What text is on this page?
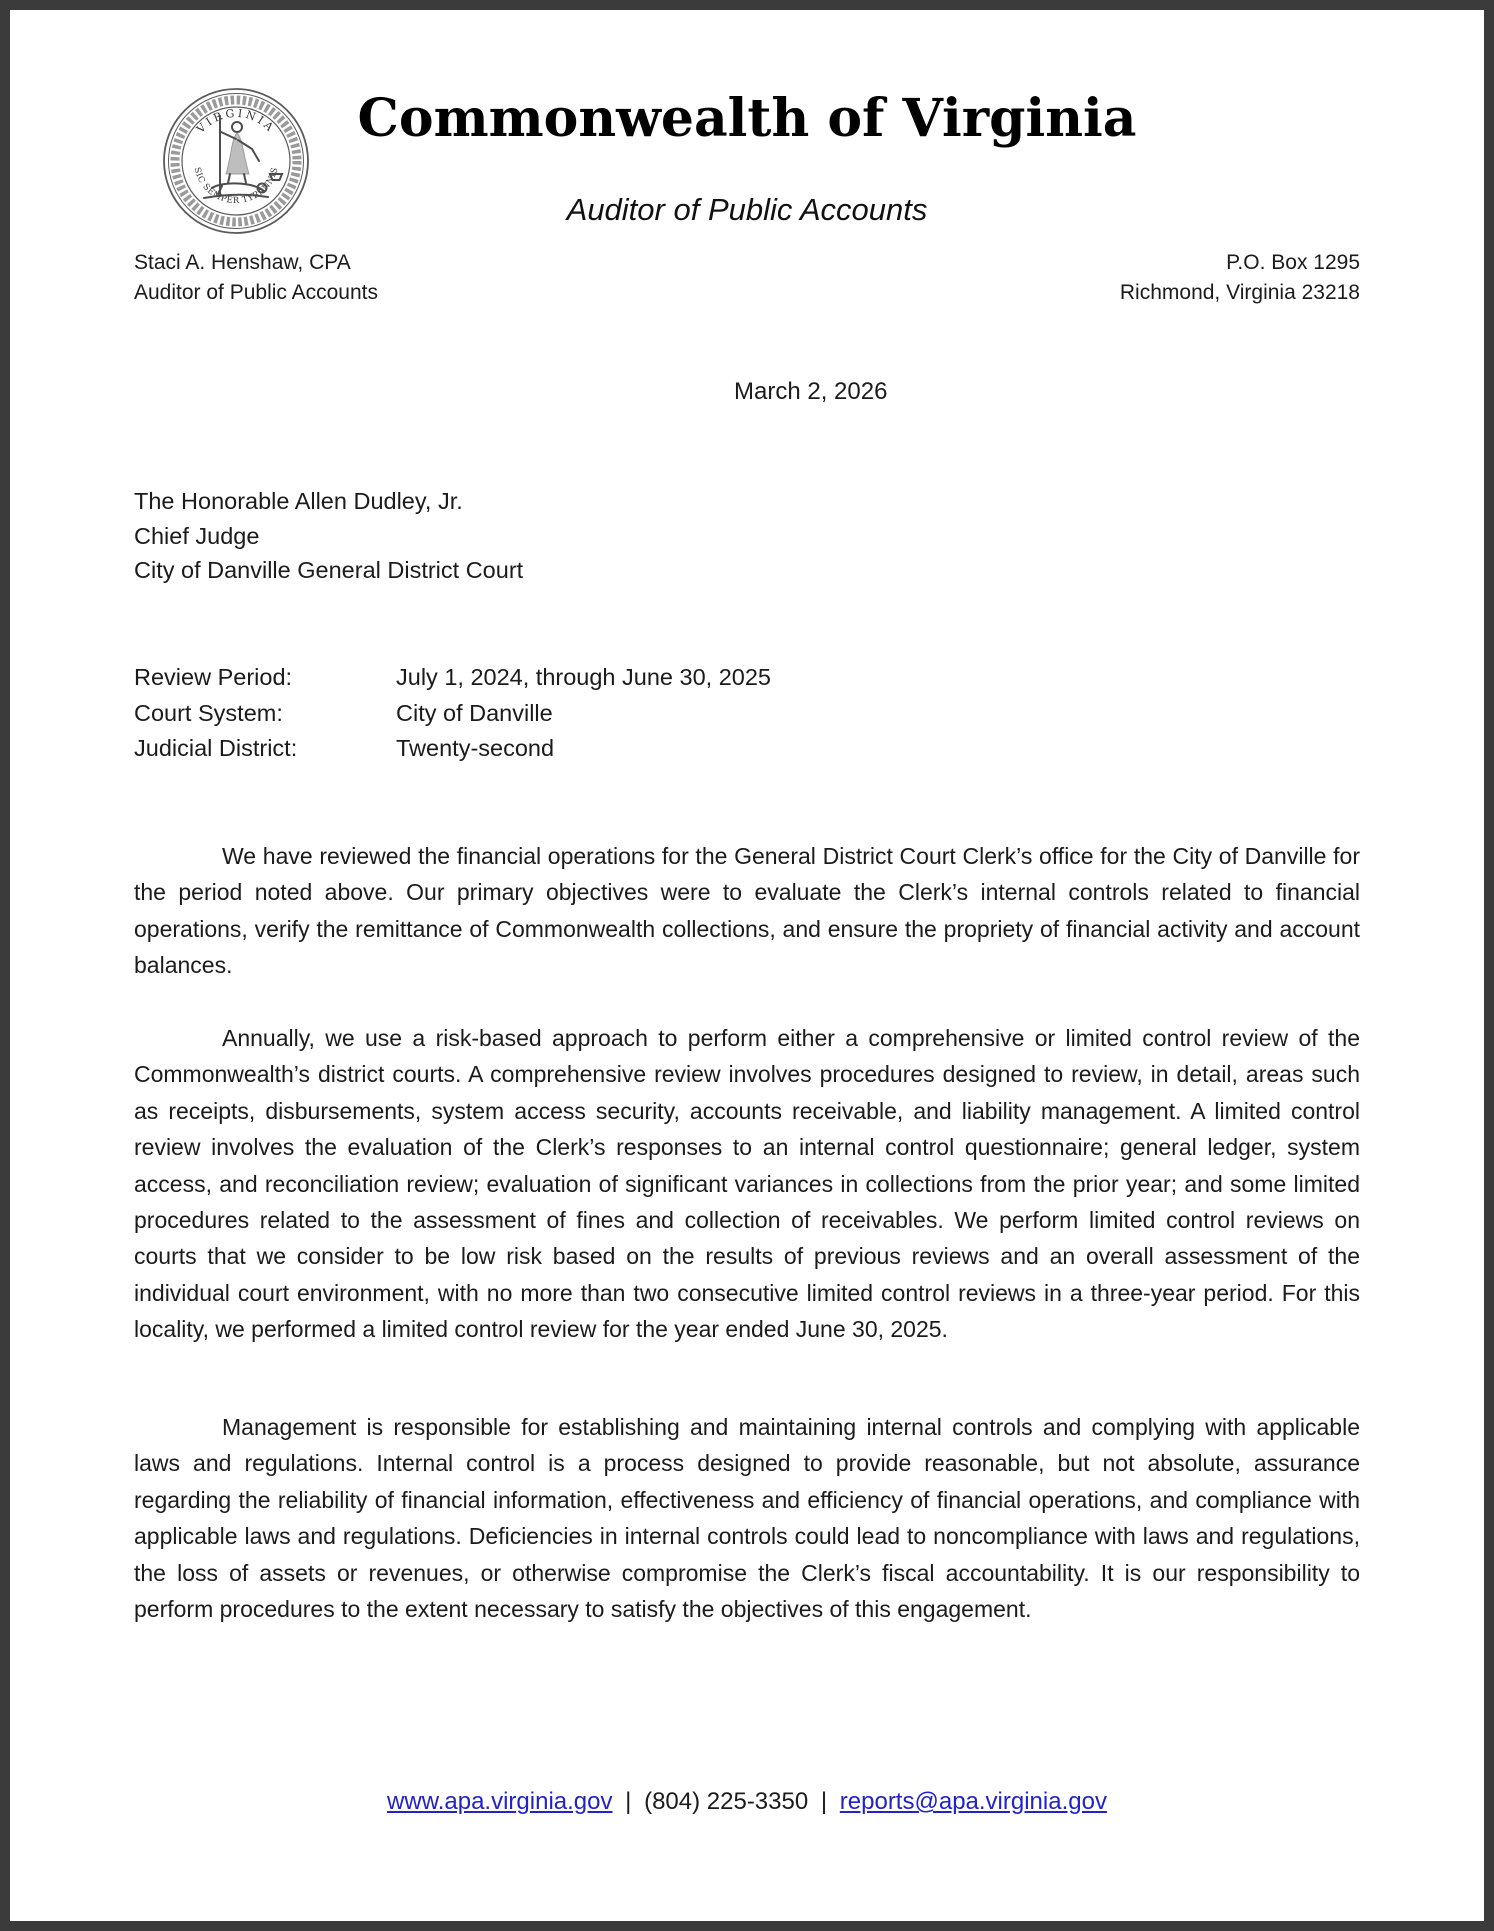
VIRGINIA
SIC SEMPER TYRANNIS
Commonwealth of Virginia
Auditor of Public Accounts
Staci A. Henshaw, CPA
Auditor of Public Accounts
P.O. Box 1295
Richmond, Virginia 23218
March 2, 2026
The Honorable Allen Dudley, Jr.
Chief Judge
City of Danville General District Court
Review Period:	July 1, 2024, through June 30, 2025
Court System:	City of Danville
Judicial District:	Twenty-second

We have reviewed the financial operations for the General District Court Clerk’s office for the City of Danville for the period noted above. Our primary objectives were to evaluate the Clerk’s internal controls related to financial operations, verify the remittance of Commonwealth collections, and ensure the propriety of financial activity and account balances.

Annually, we use a risk-based approach to perform either a comprehensive or limited control review of the Commonwealth’s district courts. A comprehensive review involves procedures designed to review, in detail, areas such as receipts, disbursements, system access security, accounts receivable, and liability management. A limited control review involves the evaluation of the Clerk’s responses to an internal control questionnaire; general ledger, system access, and reconciliation review; evaluation of significant variances in collections from the prior year; and some limited procedures related to the assessment of fines and collection of receivables. We perform limited control reviews on courts that we consider to be low risk based on the results of previous reviews and an overall assessment of the individual court environment, with no more than two consecutive limited control reviews in a three-year period. For this locality, we performed a limited control review for the year ended June 30, 2025.

Management is responsible for establishing and maintaining internal controls and complying with applicable laws and regulations. Internal control is a process designed to provide reasonable, but not absolute, assurance regarding the reliability of financial information, effectiveness and efficiency of financial operations, and compliance with applicable laws and regulations. Deficiencies in internal controls could lead to noncompliance with laws and regulations, the loss of assets or revenues, or otherwise compromise the Clerk’s fiscal accountability. It is our responsibility to perform procedures to the extent necessary to satisfy the objectives of this engagement.

www.apa.virginia.gov | (804) 225-3350 | reports@apa.virginia.gov
